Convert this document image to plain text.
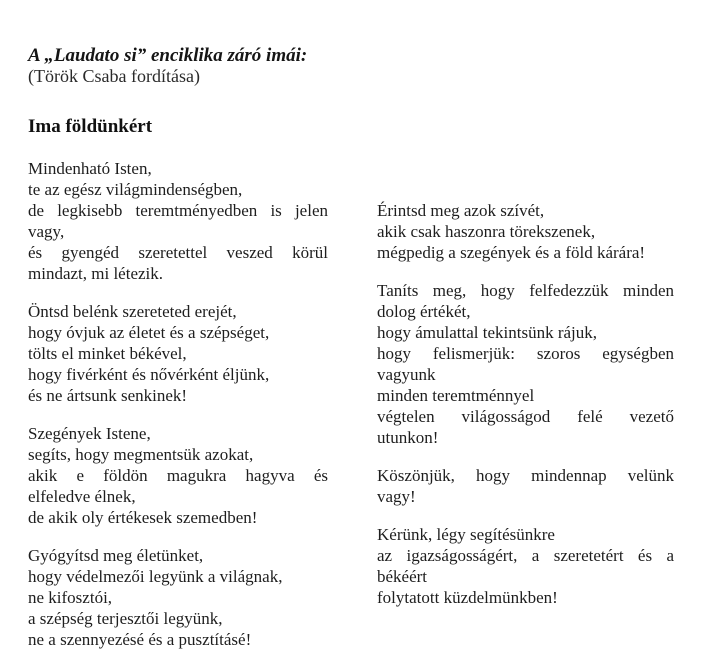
A „Laudato si” enciklika záró imái:

(Török Csaba fordítása)

Ima földünkért
Mindenható Isten,
te az egész világmindenségben,
de legkisebb teremtményedben is jelen
vagy,
és gyengéd szeretettel veszed körül
mindazt, mi létezik.
Öntsd belénk szereteted erejét,
hogy óvjuk az életet és a szépséget,
tölts el minket békével,
hogy fivérként és nővérként éljünk,
és ne ártsunk senkinek!
Szegények Istene,
segíts, hogy megmentsük azokat,
akik e földön magukra hagyva és
elfeledve élnek,
de akik oly értékesek szemedben!
Gyógyítsd meg életünket,
hogy védelmezői legyünk a világnak,
ne kifosztói,
a szépség terjesztői legyünk,
ne a szennyezésé és a pusztításé!
Érintsd meg azok szívét,
akik csak haszonra törekszenek,
mégpedig a szegények és a föld kárára!
Taníts meg, hogy felfedezzük minden
dolog értékét,
hogy ámulattal tekintsünk rájuk,
hogy felismerjük: szoros egységben
vagyunk
minden teremtménnyel
végtelen világosságod felé vezető
utunkon!
Köszönjük, hogy mindennap velünk
vagy!
Kérünk, légy segítésünkre
az igazságosságért, a szeretetért és a
békéért
folytatott küzdelmünkben!
